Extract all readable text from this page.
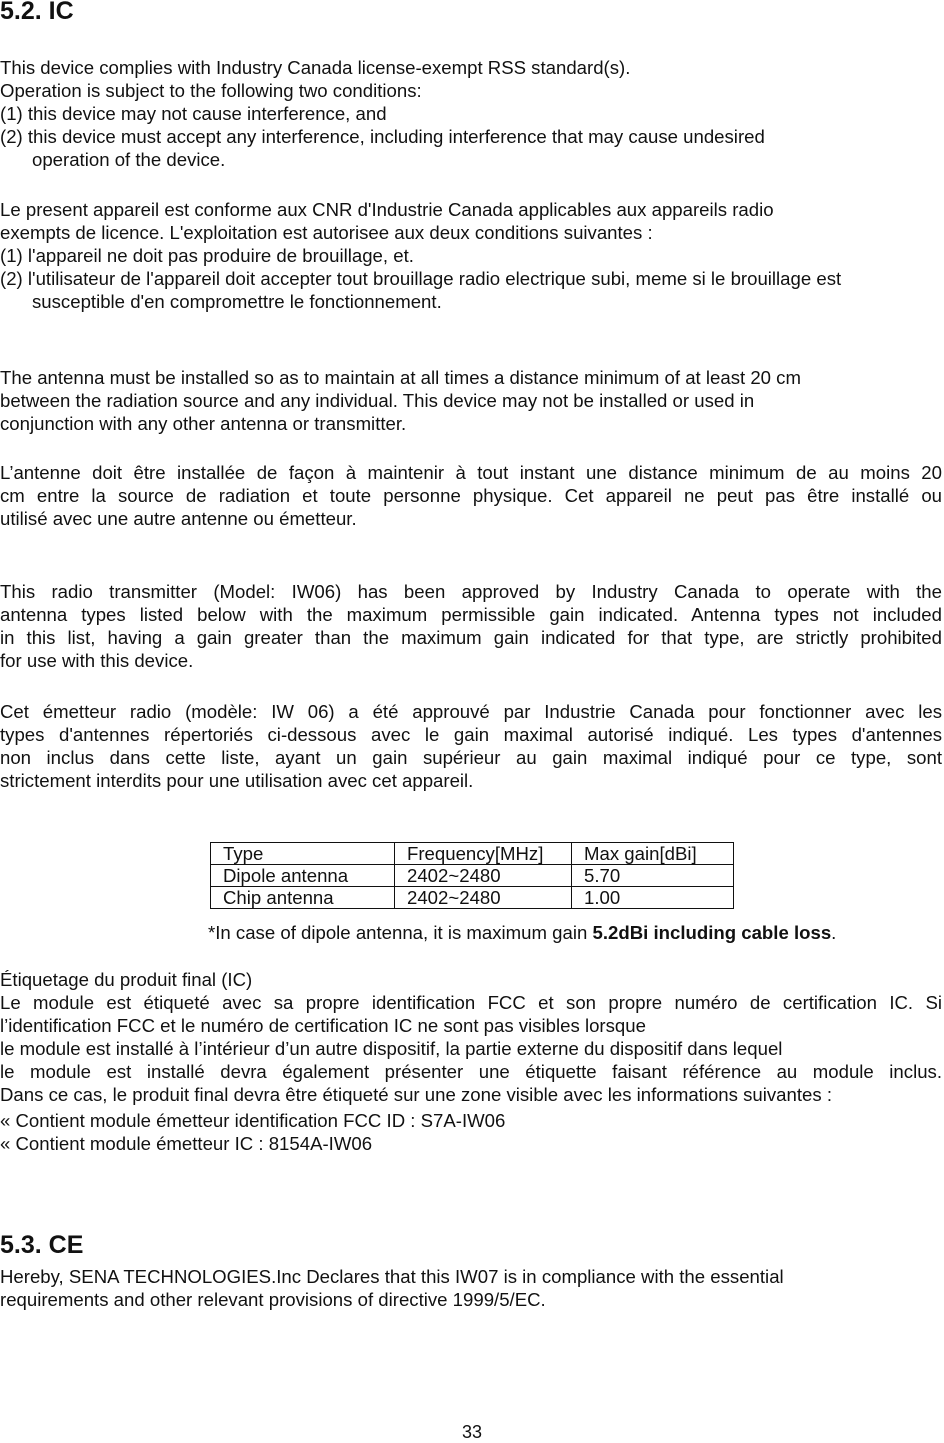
5.2. IC
This device complies with Industry Canada license-exempt RSS standard(s).
Operation is subject to the following two conditions:
(1) this device may not cause interference, and
(2) this device must accept any interference, including interference that may cause undesired
operation of the device.
Le present appareil est conforme aux CNR d'Industrie Canada applicables aux appareils radio
exempts de licence. L'exploitation est autorisee aux deux conditions suivantes :
(1) l'appareil ne doit pas produire de brouillage, et.
(2) l'utilisateur de l'appareil doit accepter tout brouillage radio electrique subi, meme si le brouillage est
susceptible d'en compromettre le fonctionnement.
The antenna must be installed so as to maintain at all times a distance minimum of at least 20 cm
between the radiation source and any individual. This device may not be installed or used in
conjunction with any other antenna or transmitter.
L’antenne doit être installée de façon à maintenir à tout instant une distance minimum de au moins 20
cm entre la source de radiation et toute personne physique. Cet appareil ne peut pas être installé ou
utilisé avec une autre antenne ou émetteur.
This radio transmitter (Model: IW06) has been approved by Industry Canada to operate with the
antenna types listed below with the maximum permissible gain indicated. Antenna types not included
in this list, having a gain greater than the maximum gain indicated for that type, are strictly prohibited
for use with this device.
Cet émetteur radio (modèle: IW 06) a été approuvé par Industrie Canada pour fonctionner avec les
types d'antennes répertoriés ci-dessous avec le gain maximal autorisé indiqué. Les types d'antennes
non inclus dans cette liste, ayant un gain supérieur au gain maximal indiqué pour ce type, sont
strictement interdits pour une utilisation avec cet appareil.
Type	Frequency[MHz]	Max gain[dBi]
Dipole antenna	2402~2480	5.70
Chip antenna	2402~2480	1.00
*In case of dipole antenna, it is maximum gain 5.2dBi including cable loss.
Étiquetage du produit final (IC)
Le module est étiqueté avec sa propre identification FCC et son propre numéro de certification IC. Si
l’identification FCC et le numéro de certification IC ne sont pas visibles lorsque
le module est installé à l’intérieur d’un autre dispositif, la partie externe du dispositif dans lequel
le module est installé devra également présenter une étiquette faisant référence au module inclus.
Dans ce cas, le produit final devra être étiqueté sur une zone visible avec les informations suivantes :
« Contient module émetteur identification FCC ID : S7A-IW06
« Contient module émetteur IC : 8154A-IW06
5.3. CE
Hereby, SENA TECHNOLOGIES.Inc Declares that this IW07 is in compliance with the essential
requirements and other relevant provisions of directive 1999/5/EC.
33
